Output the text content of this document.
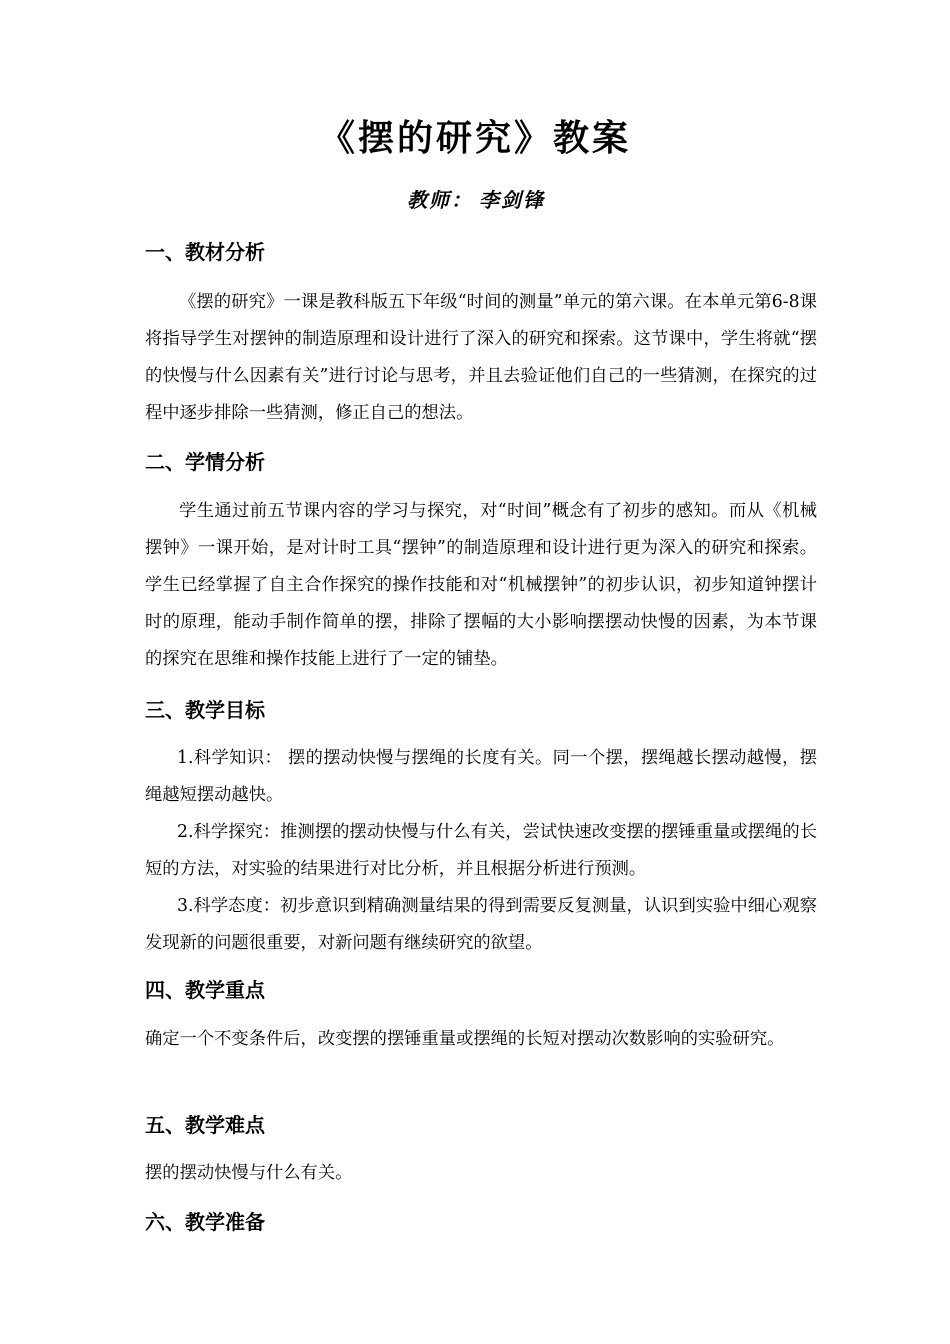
《摆的研究》教案
教师： 李剑锋
一、教材分析

《摆的研究》一课是教科版五下年级“时间的测量”单元的第六课。在本单元第6-8课将指导学生对摆钟的制造原理和设计进行了深入的研究和探索。这节课中，学生将就“摆的快慢与什么因素有关”进行讨论与思考，并且去验证他们自己的一些猜测，在探究的过程中逐步排除一些猜测，修正自己的想法。

二、学情分析

学生通过前五节课内容的学习与探究，对“时间”概念有了初步的感知。而从《机械摆钟》一课开始，是对计时工具“摆钟”的制造原理和设计进行更为深入的研究和探索。学生已经掌握了自主合作探究的操作技能和对“机械摆钟”的初步认识，初步知道钟摆计时的原理，能动手制作简单的摆，排除了摆幅的大小影响摆摆动快慢的因素，为本节课的探究在思维和操作技能上进行了一定的铺垫。

三、教学目标

1.科学知识： 摆的摆动快慢与摆绳的长度有关。同一个摆，摆绳越长摆动越慢，摆绳越短摆动越快。

2.科学探究：推测摆的摆动快慢与什么有关，尝试快速改变摆的摆锤重量或摆绳的长短的方法，对实验的结果进行对比分析，并且根据分析进行预测。

3.科学态度：初步意识到精确测量结果的得到需要反复测量，认识到实验中细心观察发现新的问题很重要，对新问题有继续研究的欲望。

四、教学重点

确定一个不变条件后，改变摆的摆锤重量或摆绳的长短对摆动次数影响的实验研究。

五、教学难点

摆的摆动快慢与什么有关。

六、教学准备
